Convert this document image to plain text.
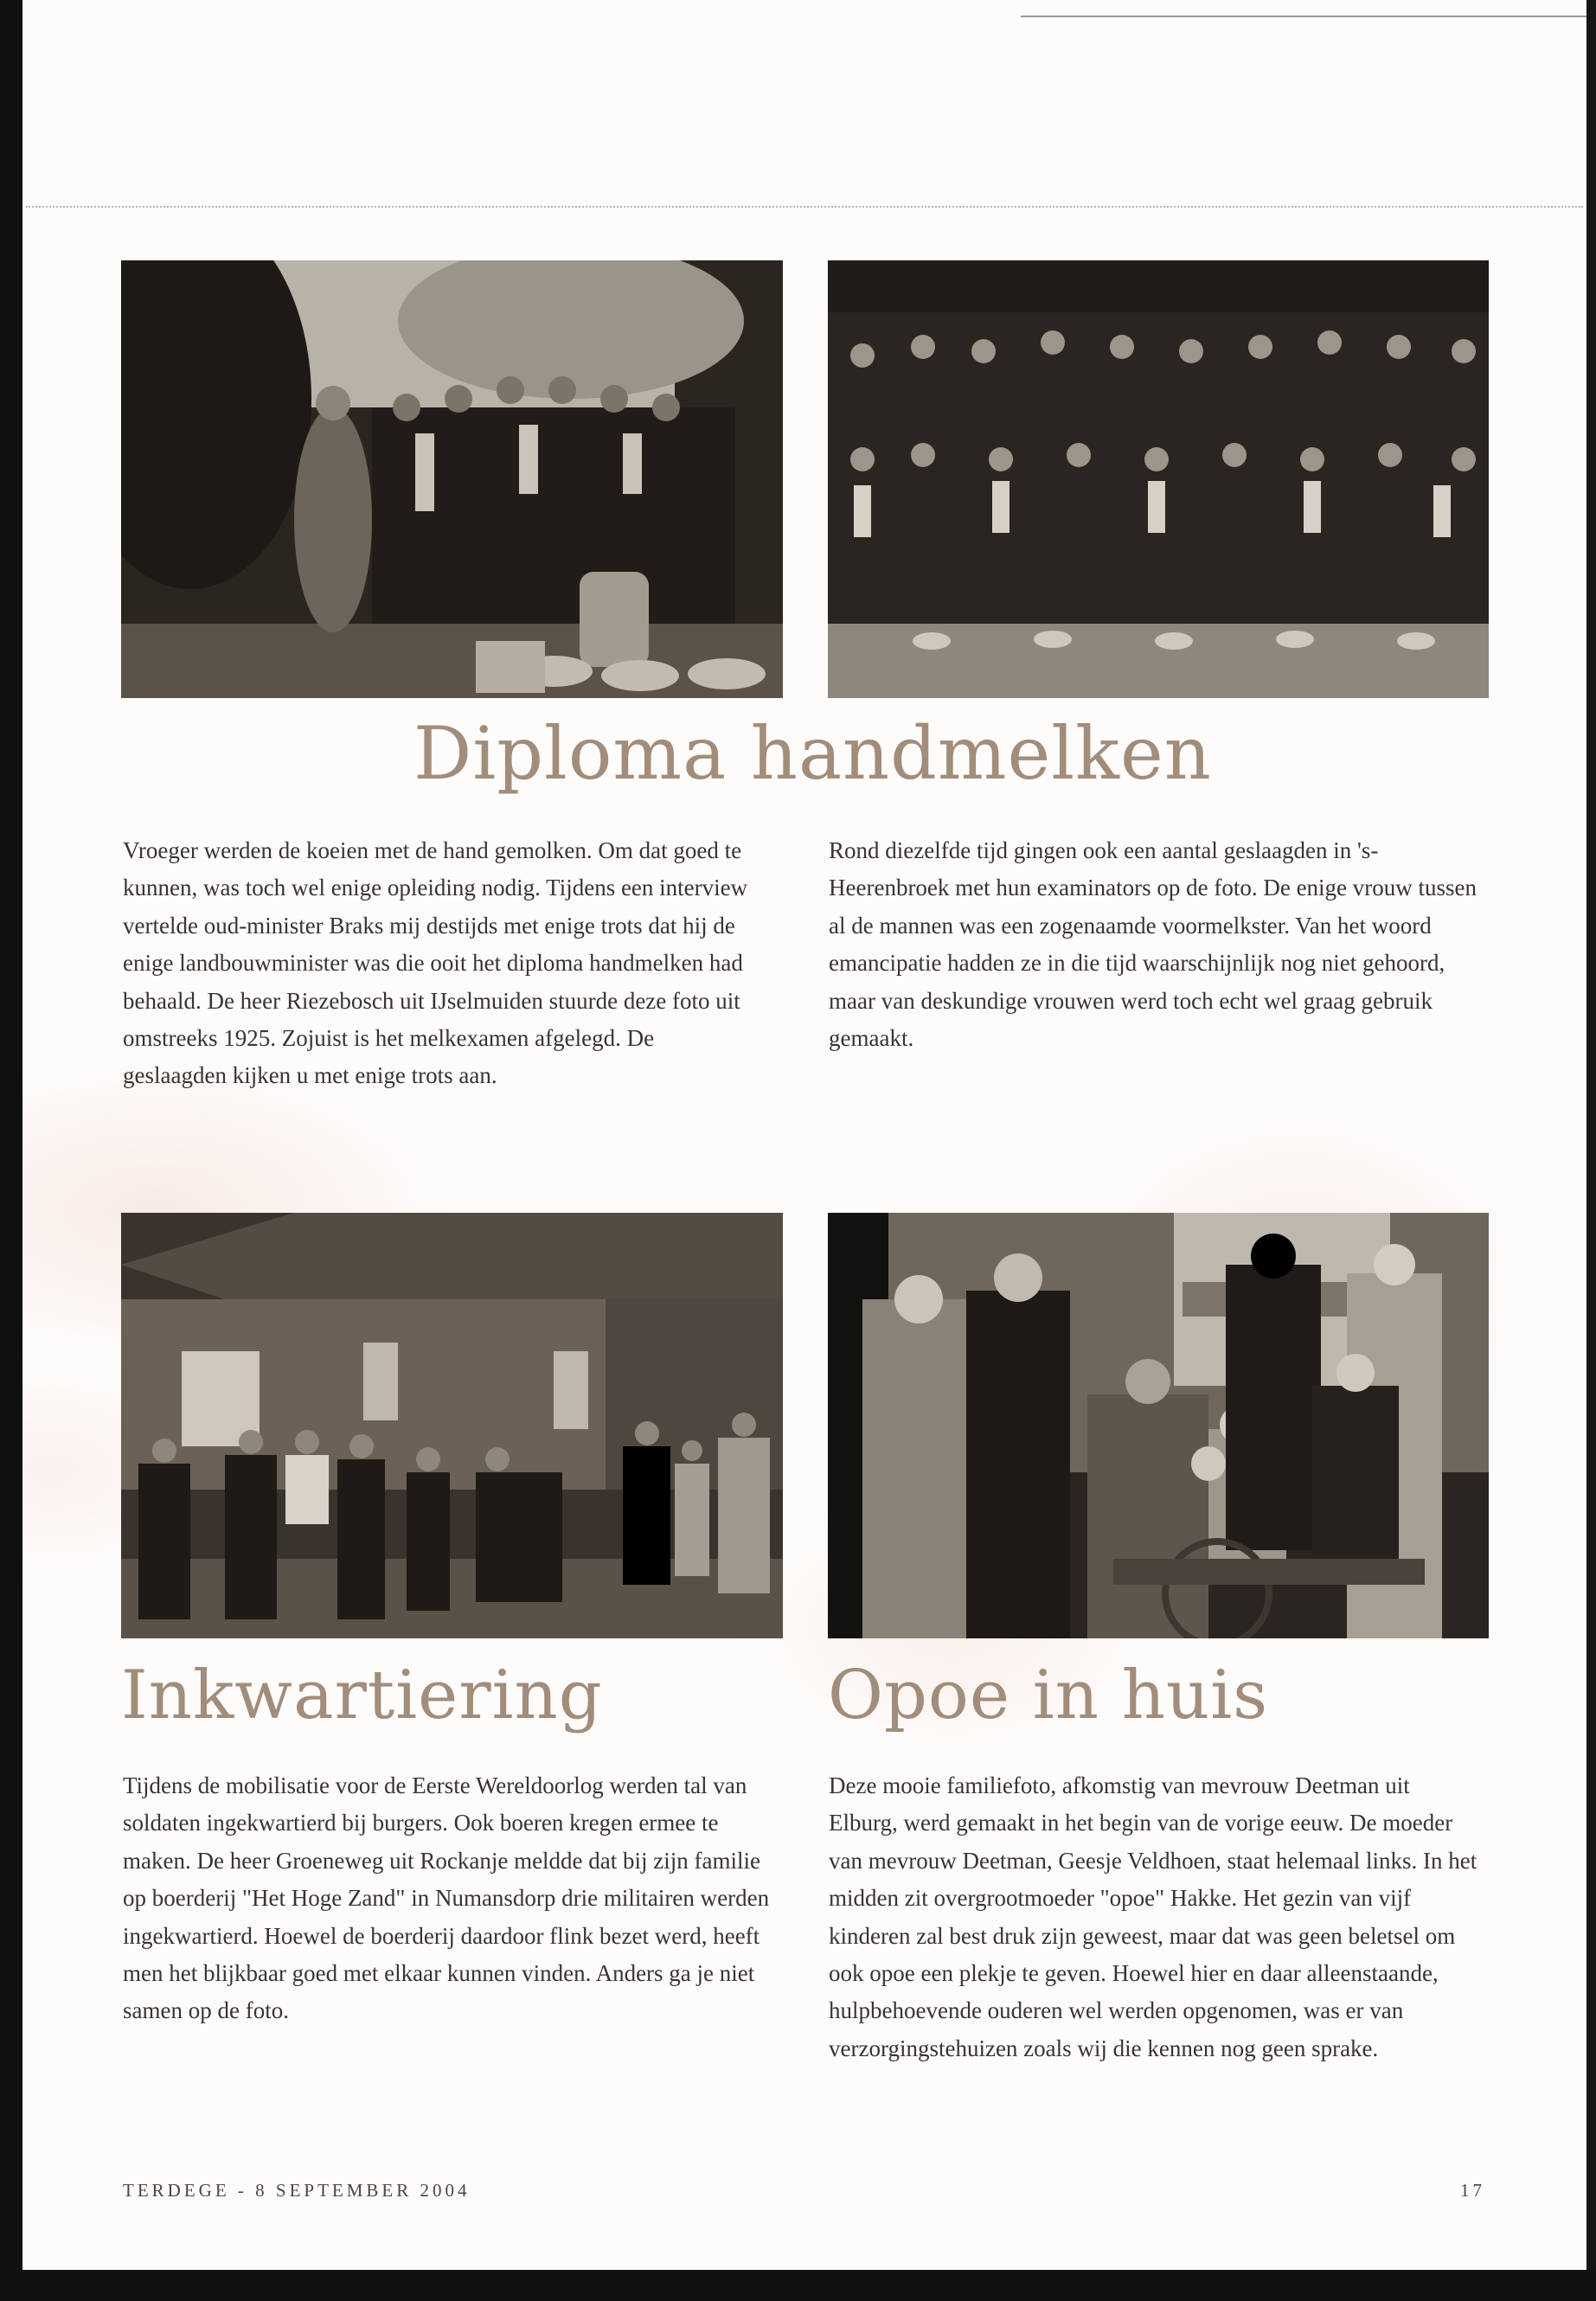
Diploma handmelken

Vroeger werden de koeien met de hand gemolken. Om dat goed te kunnen, was toch wel enige opleiding nodig. Tijdens een interview vertelde oud-minister Braks mij destijds met enige trots dat hij de enige landbouwminister was die ooit het diploma handmelken had behaald. De heer Riezebosch uit IJselmuiden stuurde deze foto uit omstreeks 1925. Zojuist is het melkexamen afgelegd. De geslaagden kijken u met enige trots aan.

Rond diezelfde tijd gingen ook een aantal geslaagden in 's-Heerenbroek met hun examinators op de foto. De enige vrouw tussen al de mannen was een zogenaamde voormelkster. Van het woord emancipatie hadden ze in die tijd waarschijnlijk nog niet gehoord, maar van deskundige vrouwen werd toch echt wel graag gebruik gemaakt.

Inkwartiering

Tijdens de mobilisatie voor de Eerste Wereldoorlog werden tal van soldaten ingekwartierd bij burgers. Ook boeren kregen ermee te maken. De heer Groeneweg uit Rockanje meldde dat bij zijn familie op boerderij "Het Hoge Zand" in Numansdorp drie militairen werden ingekwartierd. Hoewel de boerderij daardoor flink bezet werd, heeft men het blijkbaar goed met elkaar kunnen vinden. Anders ga je niet samen op de foto.

Opoe in huis

Deze mooie familiefoto, afkomstig van mevrouw Deetman uit Elburg, werd gemaakt in het begin van de vorige eeuw. De moeder van mevrouw Deetman, Geesje Veldhoen, staat helemaal links. In het midden zit overgrootmoeder "opoe" Hakke. Het gezin van vijf kinderen zal best druk zijn geweest, maar dat was geen beletsel om ook opoe een plekje te geven. Hoewel hier en daar alleenstaande, hulpbehoevende ouderen wel werden opgenomen, was er van verzorgingstehuizen zoals wij die kennen nog geen sprake.

TERDEGE - 8 SEPTEMBER 2004	17
